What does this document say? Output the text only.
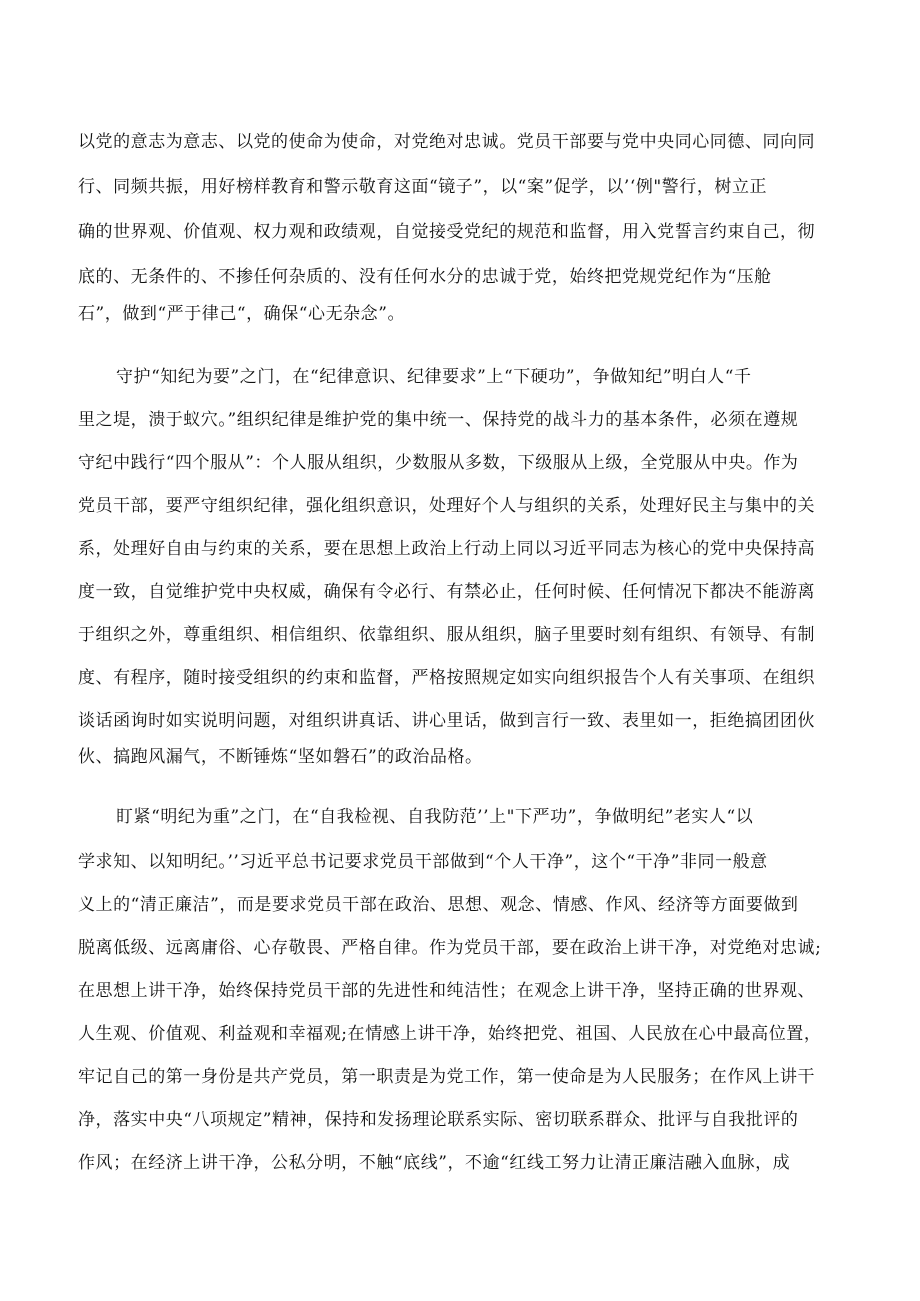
以党的意志为意志、以党的使命为使命，对党绝对忠诚。党员干部要与党中央同心同德、同向同
行、同频共振，用好榜样教育和警示敬育这面“镜子”，以“案”促学，以’‘例"警行，树立正
确的世界观、价值观、权力观和政绩观，自觉接受党纪的规范和监督，用入党誓言约束自己，彻
底的、无条件的、不掺任何杂质的、没有任何水分的忠诚于党，始终把党规党纪作为“压舱
石”，做到“严于律己“，确保“心无杂念”。
守护“知纪为要”之门，在“纪律意识、纪律要求”上“下硬功”，争做知纪”明白人“千
里之堤，溃于蚁穴。”组织纪律是维护党的集中统一、保持党的战斗力的基本条件，必须在遵规
守纪中践行“四个服从”：个人服从组织，少数服从多数，下级服从上级，全党服从中央。作为
党员干部，要严守组织纪律，强化组织意识，处理好个人与组织的关系，处理好民主与集中的关
系，处理好自由与约束的关系，要在思想上政治上行动上同以习近平同志为核心的党中央保持高
度一致，自觉维护党中央权威，确保有令必行、有禁必止，任何时候、任何情况下都决不能游离
于组织之外，尊重组织、相信组织、依靠组织、服从组织，脑子里要时刻有组织、有领导、有制
度、有程序，随时接受组织的约束和监督，严格按照规定如实向组织报告个人有关事项、在组织
谈话函询时如实说明问题，对组织讲真话、讲心里话，做到言行一致、表里如一，拒绝搞团团伙
伙、搞跑风漏气，不断锤炼“坚如磐石”的政治品格。
盯紧“明纪为重”之门，在“自我检视、自我防范’’上"下严功”，争做明纪”老实人“以
学求知、以知明纪。’’习近平总书记要求党员干部做到“个人干净”，这个“干净”非同一般意
义上的“清正廉洁”，而是要求党员干部在政治、思想、观念、情感、作风、经济等方面要做到
脱离低级、远离庸俗、心存敬畏、严格自律。作为党员干部，要在政治上讲干净，对党绝对忠诚;
在思想上讲干净，始终保持党员干部的先进性和纯洁性；在观念上讲干净，坚持正确的世界观、
人生观、价值观、利益观和幸福观;在情感上讲干净，始终把党、祖国、人民放在心中最高位置，
牢记自己的第一身份是共产党员，第一职责是为党工作，第一使命是为人民服务；在作风上讲干
净，落实中央“八项规定”精神，保持和发扬理论联系实际、密切联系群众、批评与自我批评的
作风；在经济上讲干净，公私分明，不触“底线”，不逾“红线工努力让清正廉洁融入血脉，成
